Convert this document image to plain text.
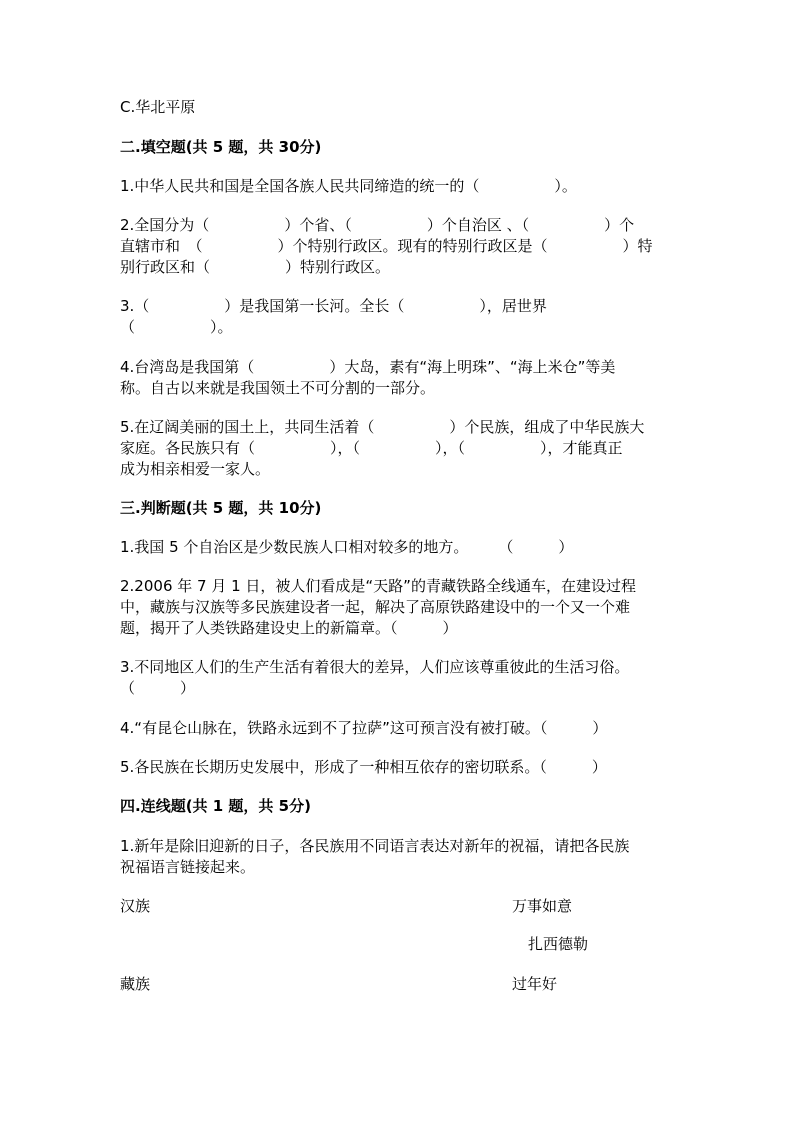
C.华北平原
二.填空题(共 5 题，共 30分)
1.中华人民共和国是全国各族人民共同缔造的统一的（　　　　　）。
2.全国分为（　　　　　）个省、（　　　　　）个自治区 、（　　　　　）个
直辖市和　（　　　　　）个特别行政区。现有的特别行政区是（　　　　　）特
别行政区和（　　　　　）特别行政区。
3.（　　　　　）是我国第一长河。全长（　　　　　），居世界
（　　　　　）。
4.台湾岛是我国第（　　　　　）大岛，素有“海上明珠”、“海上米仓”等美
称。自古以来就是我国领土不可分割的一部分。
5.在辽阔美丽的国土上，共同生活着（　　　　　）个民族，组成了中华民族大
家庭。各民族只有（　　　　　），（　　　　　），（　　　　　），才能真正
成为相亲相爱一家人。
三.判断题(共 5 题，共 10分)
1.我国 5 个自治区是少数民族人口相对较多的地方。　　　（　　　）
2.2006 年 7 月 1 日，被人们看成是“天路”的青藏铁路全线通车，在建设过程
中，藏族与汉族等多民族建设者一起，解决了高原铁路建设中的一个又一个难
题，揭开了人类铁路建设史上的新篇章。（　　　）
3.不同地区人们的生产生活有着很大的差异，人们应该尊重彼此的生活习俗。
（　　　）
4.“有昆仑山脉在，铁路永远到不了拉萨”这可预言没有被打破。（　　　）
5.各民族在长期历史发展中，形成了一种相互依存的密切联系。（　　　）
四.连线题(共 1 题，共 5分)
1.新年是除旧迎新的日子，各民族用不同语言表达对新年的祝福，请把各民族
祝福语言链接起来。
汉族	万事如意
扎西德勒
藏族	过年好
